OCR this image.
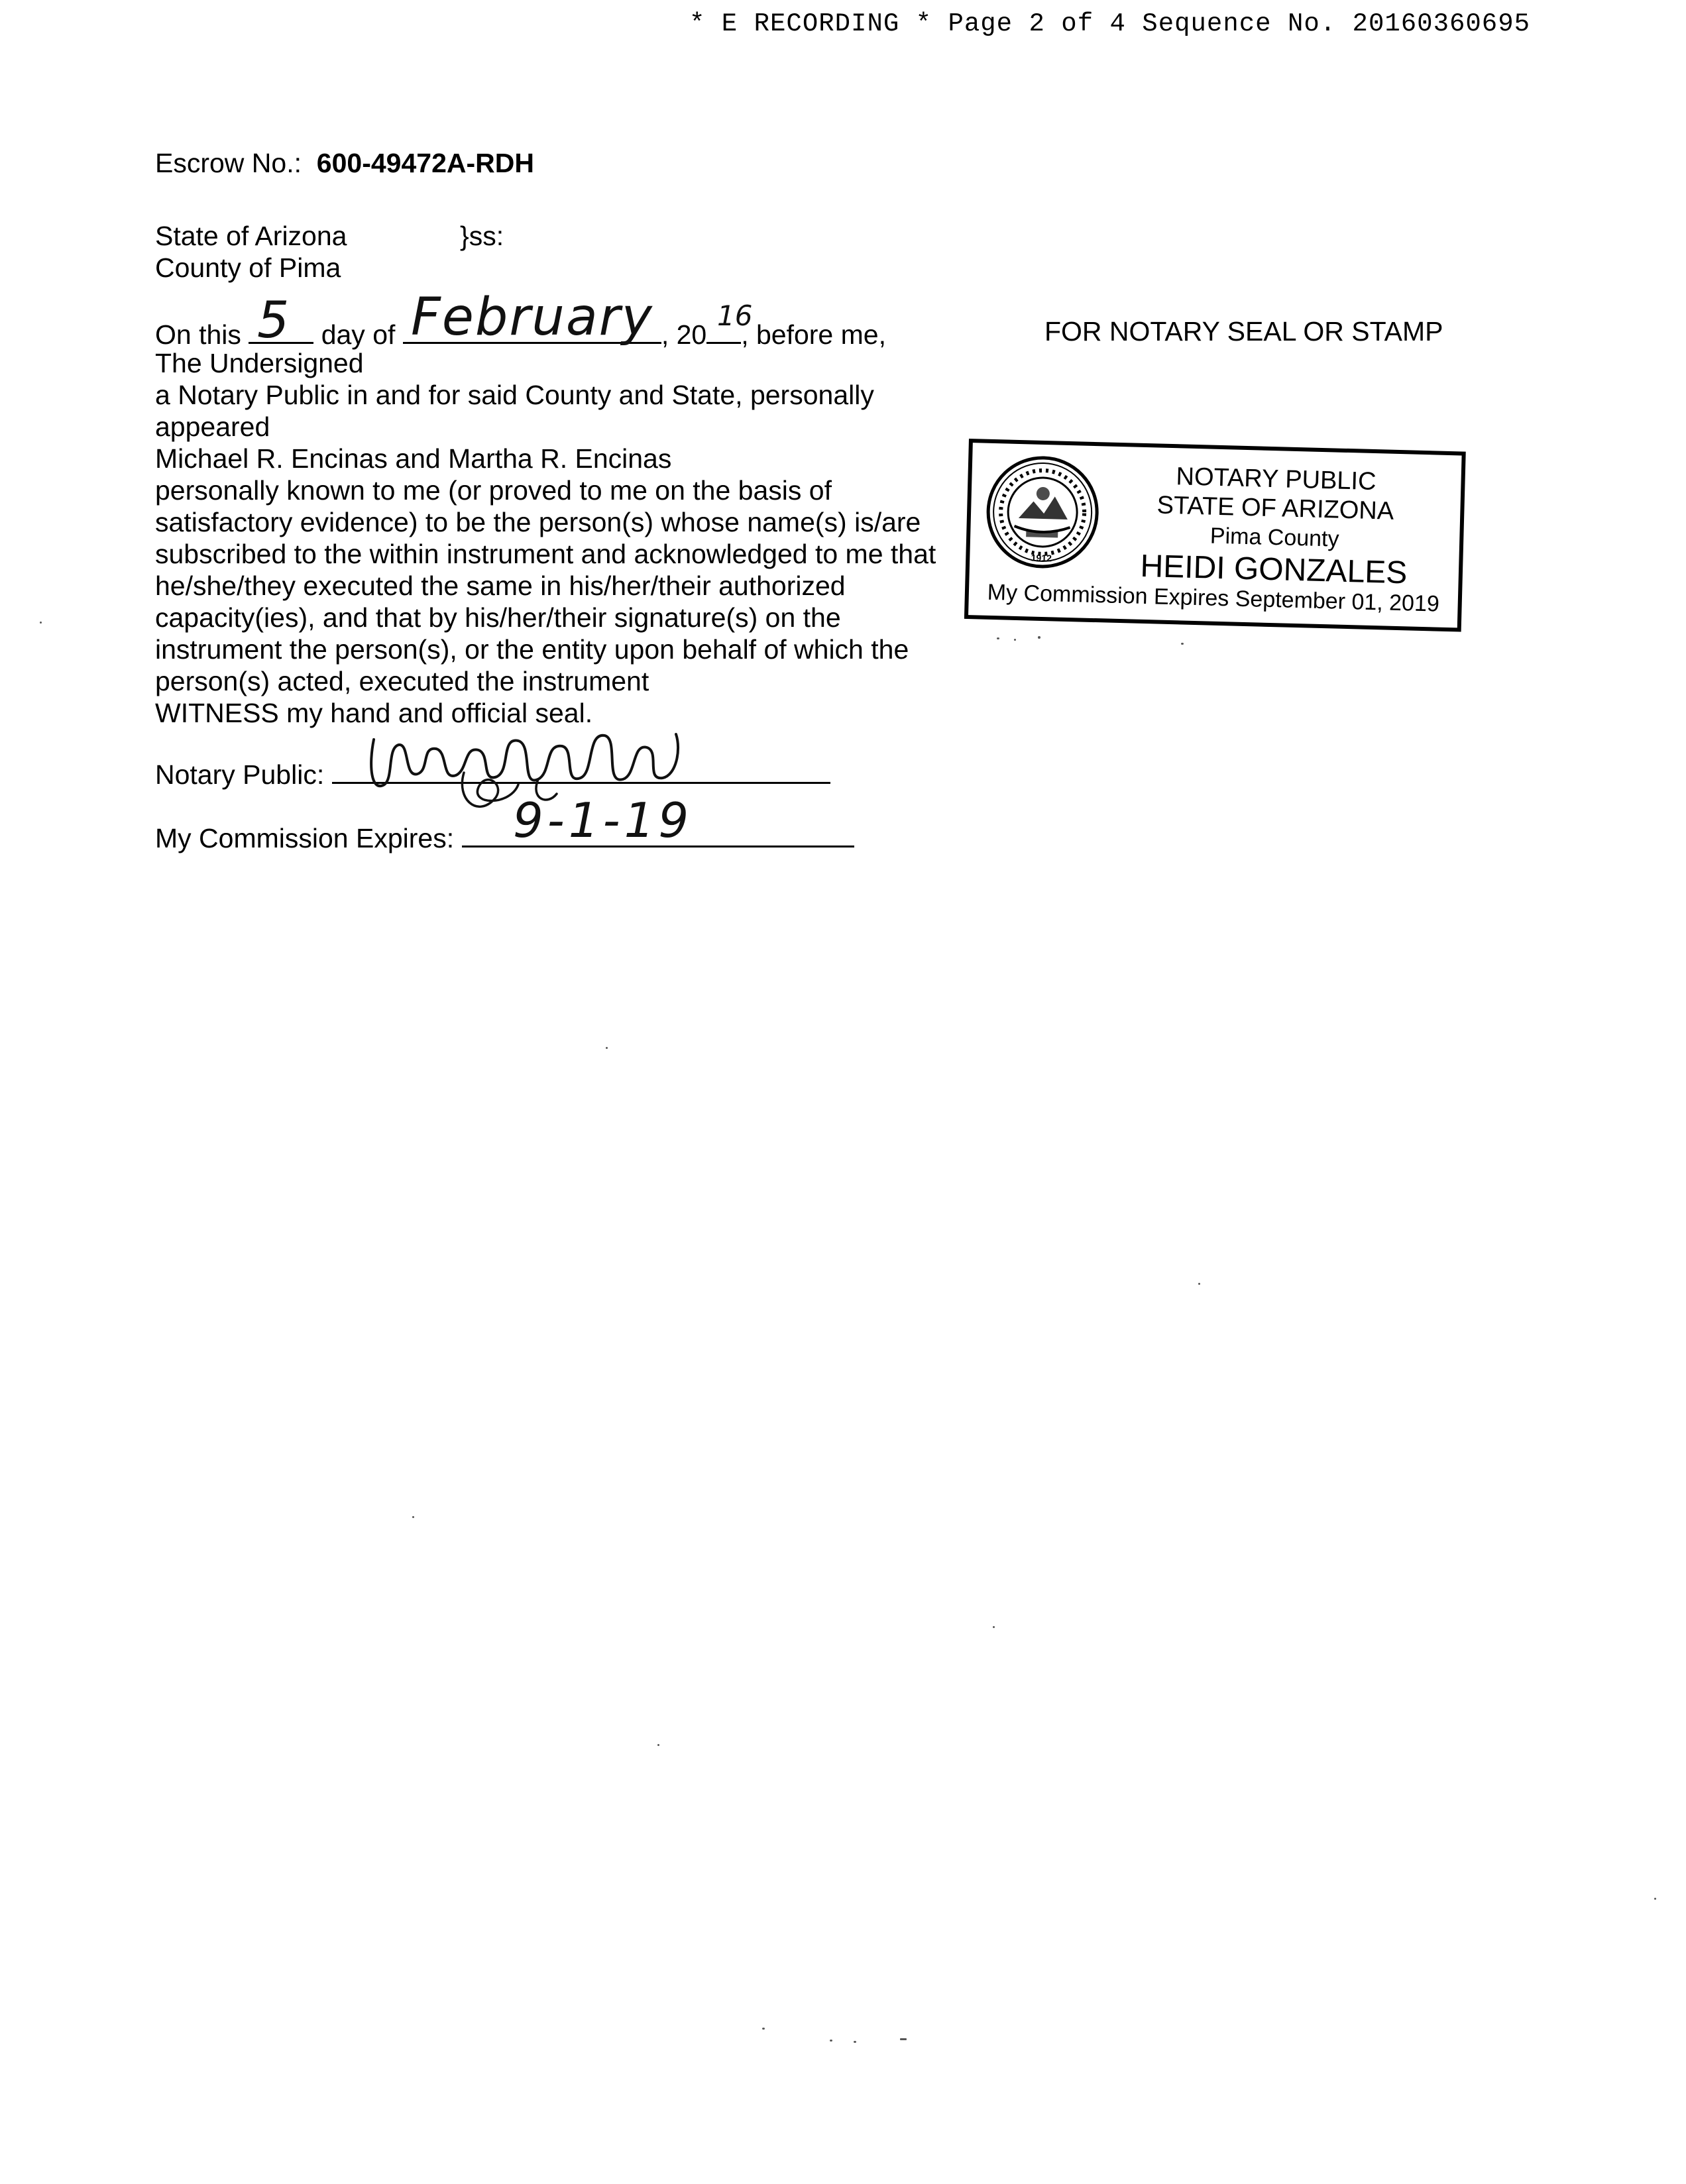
* E RECORDING * Page 2 of 4 Sequence No. 20160360695
Escrow No.: 600-49472A-RDH
State of Arizona	}ss:
County of Pima
On this	day of	, 20 , before me,
5 February 16
The Undersigned
a Notary Public in and for said County and State, personally
appeared
Michael R. Encinas and Martha R. Encinas
personally known to me (or proved to me on the basis of
satisfactory evidence) to be the person(s) whose name(s) is/are
subscribed to the within instrument and acknowledged to me that
he/she/they executed the same in his/her/their authorized
capacity(ies), and that by his/her/their signature(s) on the
instrument the person(s), or the entity upon behalf of which the
person(s) acted, executed the instrument
WITNESS my hand and official seal.
Notary Public:
My Commission Expires:	9-1-19
FOR NOTARY SEAL OR STAMP
1912
NOTARY PUBLIC
STATE OF ARIZONA
Pima County
HEIDI GONZALES
My Commission Expires September 01, 2019
